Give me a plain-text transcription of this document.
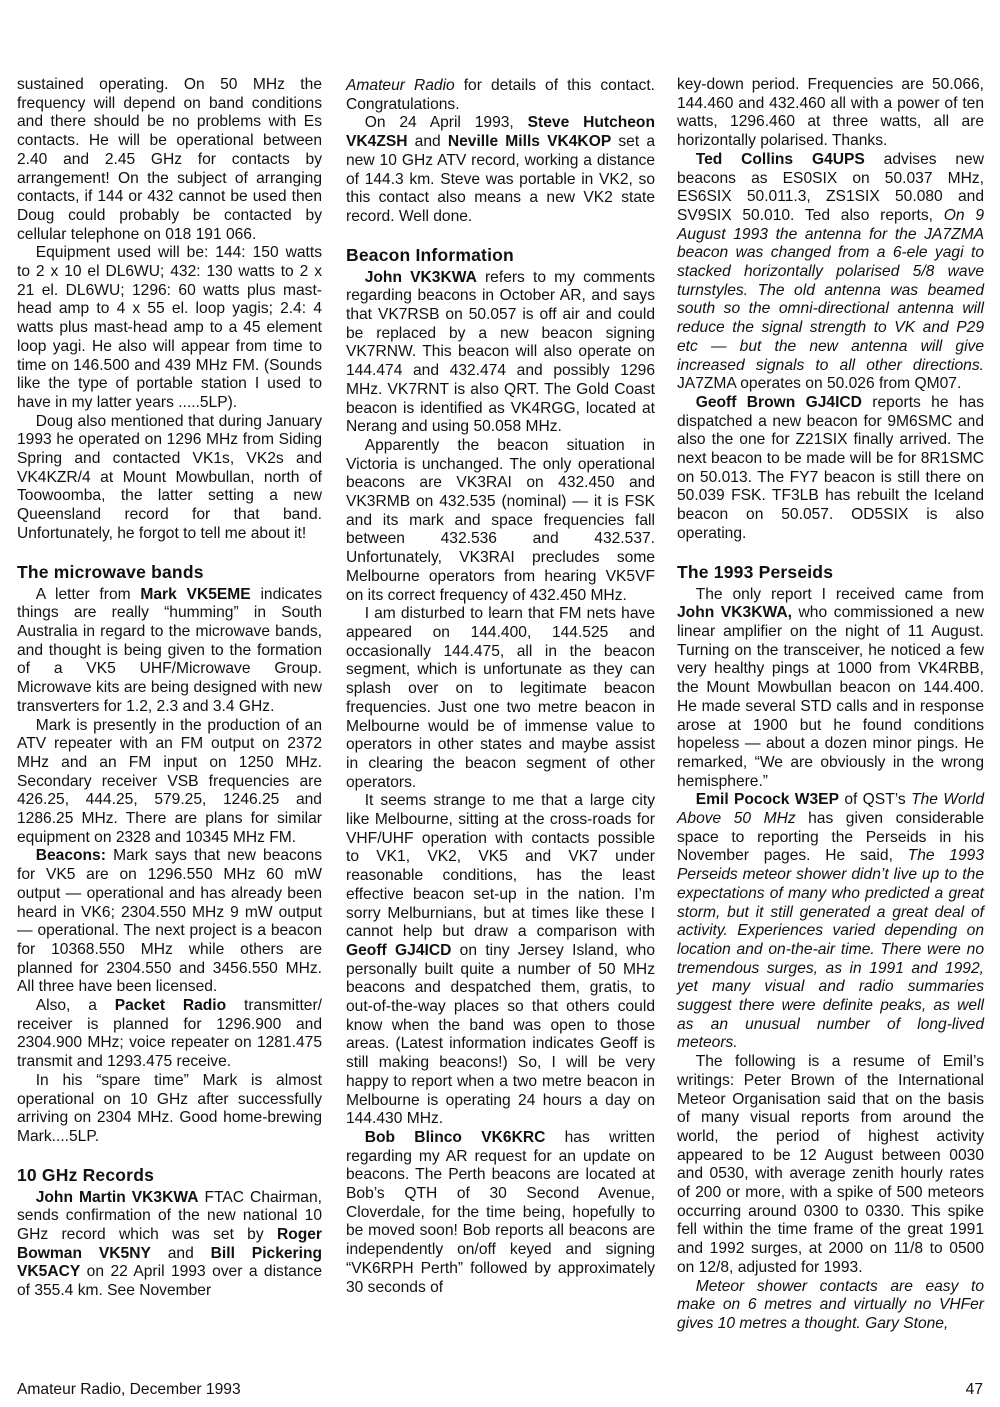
sustained operating. On 50 MHz the frequency will depend on band conditions and there should be no problems with Es contacts. He will be operational between 2.40 and 2.45 GHz for contacts by arrangement! On the subject of arranging contacts, if 144 or 432 cannot be used then Doug could probably be contacted by cellular telephone on 018 191 066.

Equipment used will be: 144: 150 watts to 2 x 10 el DL6WU; 432: 130 watts to 2 x 21 el. DL6WU; 1296: 60 watts plus mast-head amp to 4 x 55 el. loop yagis; 2.4: 4 watts plus mast-head amp to a 45 element loop yagi. He also will appear from time to time on 146.500 and 439 MHz FM. (Sounds like the type of portable station I used to have in my latter years .....5LP).

Doug also mentioned that during January 1993 he operated on 1296 MHz from Siding Spring and contacted VK1s, VK2s and VK4KZR/4 at Mount Mowbullan, north of Toowoomba, the latter setting a new Queensland record for that band. Unfortunately, he forgot to tell me about it!

The microwave bands

A letter from Mark VK5EME indicates things are really “humming” in South Australia in regard to the microwave bands, and thought is being given to the formation of a VK5 UHF/Microwave Group. Microwave kits are being designed with new transverters for 1.2, 2.3 and 3.4 GHz.

Mark is presently in the production of an ATV repeater with an FM output on 2372 MHz and an FM input on 1250 MHz. Secondary receiver VSB frequencies are 426.25, 444.25, 579.25, 1246.25 and 1286.25 MHz. There are plans for similar equipment on 2328 and 10345 MHz FM.

Beacons: Mark says that new beacons for VK5 are on 1296.550 MHz 60 mW output — operational and has already been heard in VK6; 2304.550 MHz 9 mW output — operational. The next project is a beacon for 10368.550 MHz while others are planned for 2304.550 and 3456.550 MHz. All three have been licensed.

Also, a Packet Radio transmitter/ receiver is planned for 1296.900 and 2304.900 MHz; voice repeater on 1281.475 transmit and 1293.475 receive.

In his “spare time” Mark is almost operational on 10 GHz after successfully arriving on 2304 MHz. Good home-brewing Mark....5LP.

10 GHz Records

John Martin VK3KWA FTAC Chairman, sends confirmation of the new national 10 GHz record which was set by Roger Bowman VK5NY and Bill Pickering VK5ACY on 22 April 1993 over a distance of 355.4 km. See November

Amateur Radio for details of this contact. Congratulations.

On 24 April 1993, Steve Hutcheon VK4ZSH and Neville Mills VK4KOP set a new 10 GHz ATV record, working a distance of 144.3 km. Steve was portable in VK2, so this contact also means a new VK2 state record. Well done.

Beacon Information

John VK3KWA refers to my comments regarding beacons in October AR, and says that VK7RSB on 50.057 is off air and could be replaced by a new beacon signing VK7RNW. This beacon will also operate on 144.474 and 432.474 and possibly 1296 MHz. VK7RNT is also QRT. The Gold Coast beacon is identified as VK4RGG, located at Nerang and using 50.058 MHz.

Apparently the beacon situation in Victoria is unchanged. The only operational beacons are VK3RAI on 432.450 and VK3RMB on 432.535 (nominal) — it is FSK and its mark and space frequencies fall between 432.536 and 432.537. Unfortunately, VK3RAI precludes some Melbourne operators from hearing VK5VF on its correct frequency of 432.450 MHz.

I am disturbed to learn that FM nets have appeared on 144.400, 144.525 and occasionally 144.475, all in the beacon segment, which is unfortunate as they can splash over on to legitimate beacon frequencies. Just one two metre beacon in Melbourne would be of immense value to operators in other states and maybe assist in clearing the beacon segment of other operators.

It seems strange to me that a large city like Melbourne, sitting at the cross-roads for VHF/UHF operation with contacts possible to VK1, VK2, VK5 and VK7 under reasonable conditions, has the least effective beacon set-up in the nation. I’m sorry Melburnians, but at times like these I cannot help but draw a comparison with Geoff GJ4ICD on tiny Jersey Island, who personally built quite a number of 50 MHz beacons and despatched them, gratis, to out-of-the-way places so that others could know when the band was open to those areas. (Latest information indicates Geoff is still making beacons!) So, I will be very happy to report when a two metre beacon in Melbourne is operating 24 hours a day on 144.430 MHz.

Bob Blinco VK6KRC has written regarding my AR request for an update on beacons. The Perth beacons are located at Bob’s QTH of 30 Second Avenue, Cloverdale, for the time being, hopefully to be moved soon! Bob reports all beacons are independently on/off keyed and signing “VK6RPH Perth” followed by approximately 30 seconds of

key-down period. Frequencies are 50.066, 144.460 and 432.460 all with a power of ten watts, 1296.460 at three watts, all are horizontally polarised. Thanks.

Ted Collins G4UPS advises new beacons as ES0SIX on 50.037 MHz, ES6SIX 50.011.3, ZS1SIX 50.080 and SV9SIX 50.010. Ted also reports, On 9 August 1993 the antenna for the JA7ZMA beacon was changed from a 6-ele yagi to stacked horizontally polarised 5/8 wave turnstyles. The old antenna was beamed south so the omni-directional antenna will reduce the signal strength to VK and P29 etc — but the new antenna will give increased signals to all other directions. JA7ZMA operates on 50.026 from QM07.

Geoff Brown GJ4ICD reports he has dispatched a new beacon for 9M6SMC and also the one for Z21SIX finally arrived. The next beacon to be made will be for 8R1SMC on 50.013. The FY7 beacon is still there on 50.039 FSK. TF3LB has rebuilt the Iceland beacon on 50.057. OD5SIX is also operating.

The 1993 Perseids

The only report I received came from John VK3KWA, who commissioned a new linear amplifier on the night of 11 August. Turning on the transceiver, he noticed a few very healthy pings at 1000 from VK4RBB, the Mount Mowbullan beacon on 144.400. He made several STD calls and in response arose at 1900 but he found conditions hopeless — about a dozen minor pings. He remarked, “We are obviously in the wrong hemisphere.”

Emil Pocock W3EP of QST’s The World Above 50 MHz has given considerable space to reporting the Perseids in his November pages. He said, The 1993 Perseids meteor shower didn’t live up to the expectations of many who predicted a great storm, but it still generated a great deal of activity. Experiences varied depending on location and on-the-air time. There were no tremendous surges, as in 1991 and 1992, yet many visual and radio summaries suggest there were definite peaks, as well as an unusual number of long-lived meteors.

The following is a resume of Emil’s writings: Peter Brown of the International Meteor Organisation said that on the basis of many visual reports from around the world, the period of highest activity appeared to be 12 August between 0030 and 0530, with average zenith hourly rates of 200 or more, with a spike of 500 meteors occurring around 0300 to 0330. This spike fell within the time frame of the great 1991 and 1992 surges, at 2000 on 11/8 to 0500 on 12/8, adjusted for 1993.

Meteor shower contacts are easy to make on 6 metres and virtually no VHFer gives 10 metres a thought. Gary Stone,

Amateur Radio, December 1993	47
